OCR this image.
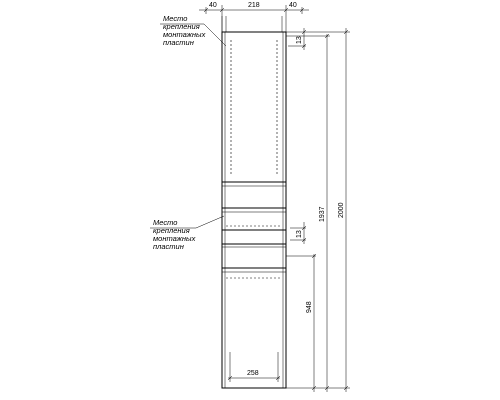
40	218	40
258
13
13
948
1937 2000
Место
крепления
монтажных
пластин
Место
крепления
монтажных
пластин
